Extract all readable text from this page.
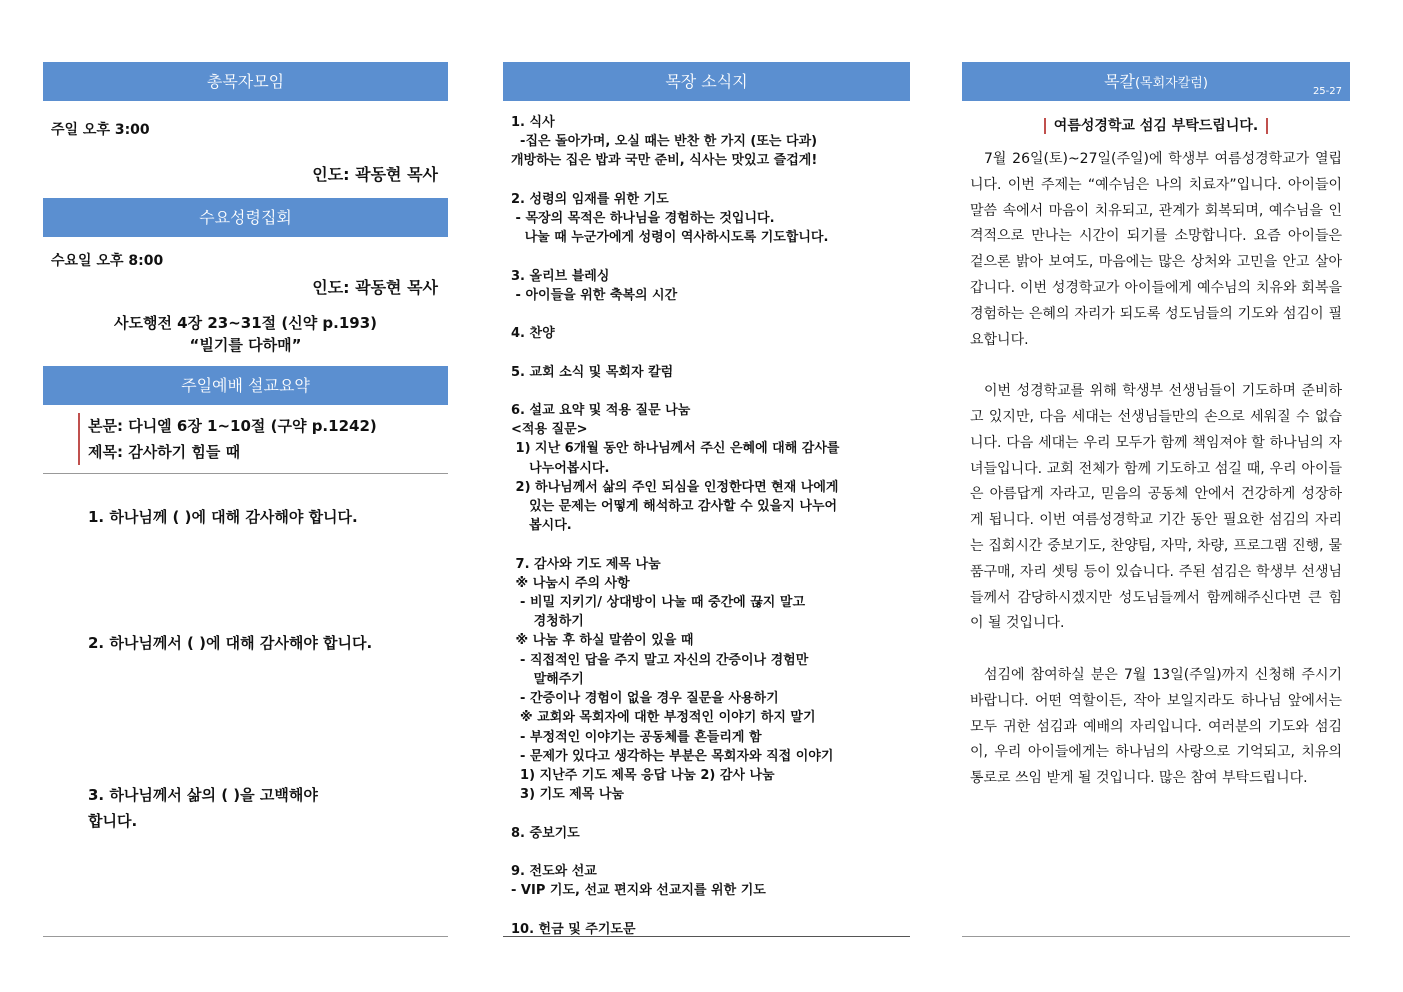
총목자모임
주일 오후 3:00
인도: 곽동현 목사
수요성령집회
수요일 오후 8:00
인도: 곽동현 목사
사도행전 4장 23~31절 (신약 p.193)
“빌기를 다하매”
주일예배 설교요약
본문: 다니엘 6장 1~10절 (구약 p.1242)
제목: 감사하기 힘들 때
1. 하나님께 ( )에 대해 감사해야 합니다.
2. 하나님께서 ( )에 대해 감사해야 합니다.
3. 하나님께서 삶의 ( )을 고백해야
합니다.
목장 소식지
1. 식사
-집은 돌아가며, 오실 때는 반찬 한 가지 (또는 다과)
개방하는 집은 밥과 국만 준비, 식사는 맛있고 즐겁게!

2. 성령의 임재를 위한 기도
- 목장의 목적은 하나님을 경험하는 것입니다.
나눌 때 누군가에게 성령이 역사하시도록 기도합니다.

3. 올리브 블레싱
- 아이들을 위한 축복의 시간

4. 찬양

5. 교회 소식 및 목회자 칼럼

6. 설교 요약 및 적용 질문 나눔
<적용 질문>
1) 지난 6개월 동안 하나님께서 주신 은혜에 대해 감사를
나누어봅시다.
2) 하나님께서 삶의 주인 되심을 인정한다면 현재 나에게
있는 문제는 어떻게 해석하고 감사할 수 있을지 나누어
봅시다.

7. 감사와 기도 제목 나눔
※ 나눔시 주의 사항
- 비밀 지키기/ 상대방이 나눌 때 중간에 끊지 말고
경청하기
※ 나눔 후 하실 말씀이 있을 때
- 직접적인 답을 주지 말고 자신의 간증이나 경험만
말해주기
- 간증이나 경험이 없을 경우 질문을 사용하기
※ 교회와 목회자에 대한 부정적인 이야기 하지 말기
- 부정적인 이야기는 공동체를 흔들리게 함
- 문제가 있다고 생각하는 부분은 목회자와 직접 이야기
1) 지난주 기도 제목 응답 나눔 2) 감사 나눔
3) 기도 제목 나눔

8. 중보기도

9. 전도와 선교
- VIP 기도, 선교 편지와 선교지를 위한 기도

10. 헌금 및 주기도문
목칼(목회자칼럼)
25-27
여름성경학교 섬김 부탁드립니다.

7월 26일(토)~27일(주일)에 학생부 여름성경학교가 열립니다. 이번 주제는 “예수님은 나의 치료자”입니다. 아이들이 말씀 속에서 마음이 치유되고, 관계가 회복되며, 예수님을 인격적으로 만나는 시간이 되기를 소망합니다. 요즘 아이들은 겉으론 밝아 보여도, 마음에는 많은 상처와 고민을 안고 살아갑니다. 이번 성경학교가 아이들에게 예수님의 치유와 회복을 경험하는 은혜의 자리가 되도록 성도님들의 기도와 섬김이 필요합니다.

이번 성경학교를 위해 학생부 선생님들이 기도하며 준비하고 있지만, 다음 세대는 선생님들만의 손으로 세워질 수 없습니다. 다음 세대는 우리 모두가 함께 책임져야 할 하나님의 자녀들입니다. 교회 전체가 함께 기도하고 섬길 때, 우리 아이들은 아름답게 자라고, 믿음의 공동체 안에서 건강하게 성장하게 됩니다. 이번 여름성경학교 기간 동안 필요한 섬김의 자리는 집회시간 중보기도, 찬양팀, 자막, 차량, 프로그램 진행, 물품구매, 자리 셋팅 등이 있습니다. 주된 섬김은 학생부 선생님들께서 감당하시겠지만 성도님들께서 함께해주신다면 큰 힘이 될 것입니다.

섬김에 참여하실 분은 7월 13일(주일)까지 신청해 주시기 바랍니다. 어떤 역할이든, 작아 보일지라도 하나님 앞에서는 모두 귀한 섬김과 예배의 자리입니다. 여러분의 기도와 섬김이, 우리 아이들에게는 하나님의 사랑으로 기억되고, 치유의 통로로 쓰임 받게 될 것입니다. 많은 참여 부탁드립니다.
